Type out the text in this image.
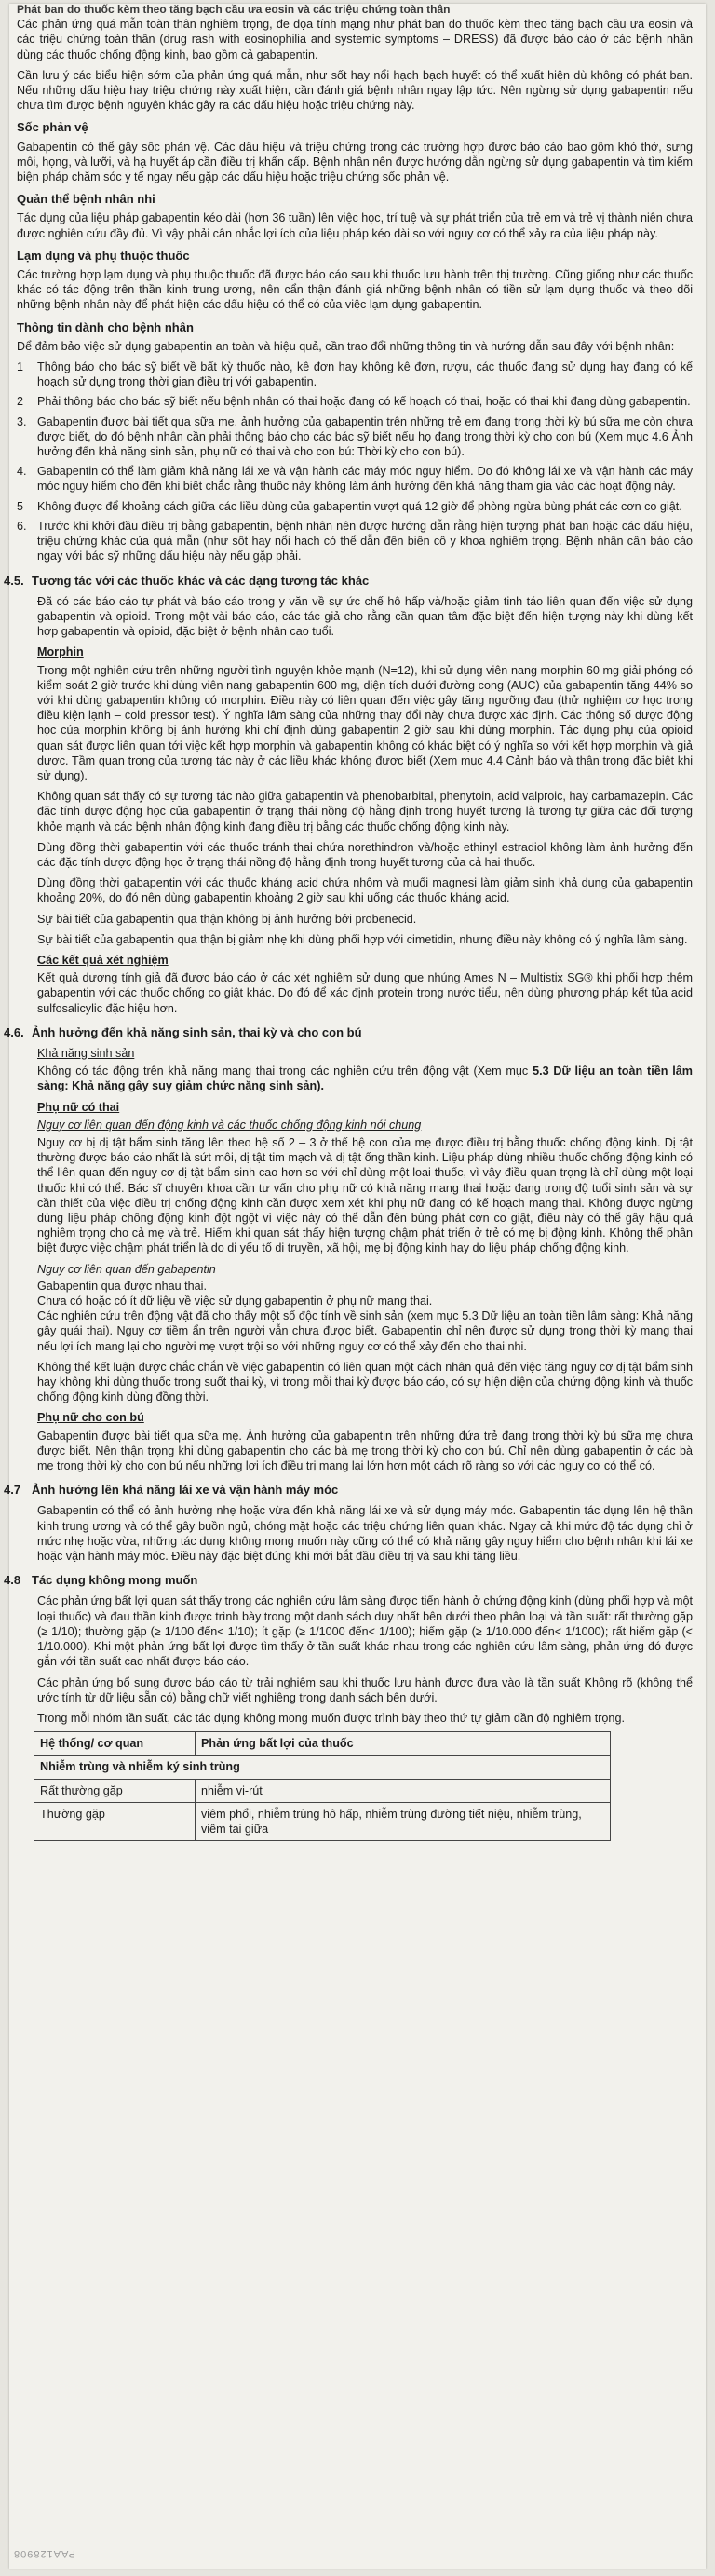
Phát ban do thuốc kèm theo tăng bạch cầu ưa eosin và các triệu chứng toàn thân

Các phản ứng quá mẫn toàn thân nghiêm trọng, đe dọa tính mạng như phát ban do thuốc kèm theo tăng bạch cầu ưa eosin và các triệu chứng toàn thân (drug rash with eosinophilia and systemic symptoms – DRESS) đã được báo cáo ở các bệnh nhân dùng các thuốc chống động kinh, bao gồm cả gabapentin.

Cần lưu ý các biểu hiện sớm của phản ứng quá mẫn, như sốt hay nổi hạch bạch huyết có thể xuất hiện dù không có phát ban. Nếu những dấu hiệu hay triệu chứng này xuất hiện, cần đánh giá bệnh nhân ngay lập tức. Nên ngừng sử dụng gabapentin nếu chưa tìm được bệnh nguyên khác gây ra các dấu hiệu hoặc triệu chứng này.

Sốc phản vệ

Gabapentin có thể gây sốc phản vệ. Các dấu hiệu và triệu chứng trong các trường hợp được báo cáo bao gồm khó thở, sưng môi, họng, và lưỡi, và hạ huyết áp cần điều trị khẩn cấp. Bệnh nhân nên được hướng dẫn ngừng sử dụng gabapentin và tìm kiếm biện pháp chăm sóc y tế ngay nếu gặp các dấu hiệu hoặc triệu chứng sốc phản vệ.

Quản thể bệnh nhân nhi

Tác dụng của liệu pháp gabapentin kéo dài (hơn 36 tuần) lên việc học, trí tuệ và sự phát triển của trẻ em và trẻ vị thành niên chưa được nghiên cứu đầy đủ. Vì vậy phải cân nhắc lợi ích của liệu pháp kéo dài so với nguy cơ có thể xảy ra của liệu pháp này.

Lạm dụng và phụ thuộc thuốc

Các trường hợp lạm dụng và phụ thuộc thuốc đã được báo cáo sau khi thuốc lưu hành trên thị trường. Cũng giống như các thuốc khác có tác động trên thần kinh trung ương, nên cẩn thận đánh giá những bệnh nhân có tiền sử lạm dụng thuốc và theo dõi những bệnh nhân này để phát hiện các dấu hiệu có thể có của việc lạm dụng gabapentin.

Thông tin dành cho bệnh nhân

Để đảm bảo việc sử dụng gabapentin an toàn và hiệu quả, cần trao đổi những thông tin và hướng dẫn sau đây với bệnh nhân:

1	Thông báo cho bác sỹ biết về bất kỳ thuốc nào, kê đơn hay không kê đơn, rượu, các thuốc đang sử dụng hay đang có kế hoạch sử dụng trong thời gian điều trị với gabapentin.
2	Phải thông báo cho bác sỹ biết nếu bệnh nhân có thai hoặc đang có kế hoạch có thai, hoặc có thai khi đang dùng gabapentin.
3. Gabapentin được bài tiết qua sữa mẹ, ảnh hưởng của gabapentin trên những trẻ em đang trong thời kỳ bú sữa mẹ còn chưa được biết, do đó bệnh nhân cần phải thông báo cho các bác sỹ biết nếu họ đang trong thời kỳ cho con bú (Xem mục 4.6 Ảnh hưởng đến khả năng sinh sản, phụ nữ có thai và cho con bú: Thời kỳ cho con bú).
4. Gabapentin có thể làm giảm khả năng lái xe và vận hành các máy móc nguy hiểm. Do đó không lái xe và vận hành các máy móc nguy hiểm cho đến khi biết chắc rằng thuốc này không làm ảnh hưởng đến khả năng tham gia vào các hoạt động này.
5	Không được để khoảng cách giữa các liều dùng của gabapentin vượt quá 12 giờ để phòng ngừa bùng phát các cơn co giật.
6. Trước khi khởi đầu điều trị bằng gabapentin, bệnh nhân nên được hướng dẫn rằng hiện tượng phát ban hoặc các dấu hiệu, triệu chứng khác của quá mẫn (như sốt hay nổi hạch có thể dẫn đến biến cố y khoa nghiêm trọng. Bệnh nhân cần báo cáo ngay với bác sỹ những dấu hiệu này nếu gặp phải.
4.5. Tương tác với các thuốc khác và các dạng tương tác khác

Đã có các báo cáo tự phát và báo cáo trong y văn về sự ức chế hô hấp và/hoặc giảm tinh táo liên quan đến việc sử dụng gabapentin và opioid. Trong một vài báo cáo, các tác giả cho rằng cần quan tâm đặc biệt đến hiện tượng này khi dùng kết hợp gabapentin và opioid, đặc biệt ở bệnh nhân cao tuổi.

Morphin

Trong một nghiên cứu trên những người tình nguyện khỏe mạnh (N=12), khi sử dụng viên nang morphin 60 mg giải phóng có kiểm soát 2 giờ trước khi dùng viên nang gabapentin 600 mg, diện tích dưới đường cong (AUC) của gabapentin tăng 44% so với khi dùng gabapentin không có morphin. Điều này có liên quan đến việc gây tăng ngưỡng đau (thử nghiệm cơ học trong điều kiện lạnh – cold pressor test). Ý nghĩa lâm sàng của những thay đổi này chưa được xác định. Các thông số dược động học của morphin không bị ảnh hưởng khi chỉ định dùng gabapentin 2 giờ sau khi dùng morphin. Tác dụng phụ của opioid quan sát được liên quan tới việc kết hợp morphin và gabapentin không có khác biệt có ý nghĩa so với kết hợp morphin và giả dược. Tầm quan trọng của tương tác này ở các liều khác không được biết (Xem mục 4.4 Cảnh báo và thận trọng đặc biệt khi sử dụng).

Không quan sát thấy có sự tương tác nào giữa gabapentin và phenobarbital, phenytoin, acid valproic, hay carbamazepin. Các đặc tính dược động học của gabapentin ở trạng thái nồng độ hằng định trong huyết tương là tương tự giữa các đối tượng khỏe mạnh và các bệnh nhân động kinh đang điều trị bằng các thuốc chống động kinh này.

Dùng đồng thời gabapentin với các thuốc tránh thai chứa norethindron và/hoặc ethinyl estradiol không làm ảnh hưởng đến các đặc tính dược động học ở trạng thái nồng độ hằng định trong huyết tương của cả hai thuốc.

Dùng đồng thời gabapentin với các thuốc kháng acid chứa nhôm và muối magnesi làm giảm sinh khả dụng của gabapentin khoảng 20%, do đó nên dùng gabapentin khoảng 2 giờ sau khi uống các thuốc kháng acid.

Sự bài tiết của gabapentin qua thận không bị ảnh hưởng bởi probenecid.

Sự bài tiết của gabapentin qua thận bị giảm nhẹ khi dùng phối hợp với cimetidin, nhưng điều này không có ý nghĩa lâm sàng.

Các kết quả xét nghiệm

Kết quả dương tính giả đã được báo cáo ở các xét nghiệm sử dụng que nhúng Ames N – Multistix SG® khi phối hợp thêm gabapentin với các thuốc chống co giật khác. Do đó để xác định protein trong nước tiểu, nên dùng phương pháp kết tủa acid sulfosalicylic đặc hiệu hơn.

4.6. Ảnh hưởng đến khả năng sinh sản, thai kỳ và cho con bú
Khả năng sinh sản

Không có tác động trên khả năng mang thai trong các nghiên cứu trên động vật (Xem mục 5.3 Dữ liệu an toàn tiền lâm sàng: Khả năng gây suy giảm chức năng sinh sản).

Phụ nữ có thai
Nguy cơ liên quan đến động kinh và các thuốc chống động kinh nói chung

Nguy cơ bị dị tật bẩm sinh tăng lên theo hệ số 2 – 3 ở thế hệ con của mẹ được điều trị bằng thuốc chống động kinh. Dị tật thường được báo cáo nhất là sứt môi, dị tật tim mạch và dị tật ống thần kinh. Liệu pháp dùng nhiều thuốc chống động kinh có thể liên quan đến nguy cơ dị tật bẩm sinh cao hơn so với chỉ dùng một loại thuốc, vì vậy điều quan trọng là chỉ dùng một loại thuốc khi có thể. Bác sĩ chuyên khoa cần tư vấn cho phụ nữ có khả năng mang thai hoặc đang trong độ tuổi sinh sản và sự cần thiết của việc điều trị chống động kinh cần được xem xét khi phụ nữ đang có kế hoạch mang thai. Không được ngừng dùng liệu pháp chống động kinh đột ngột vì việc này có thể dẫn đến bùng phát cơn co giật, điều này có thể gây hậu quả nghiêm trọng cho cả mẹ và trẻ. Hiếm khi quan sát thấy hiện tượng chậm phát triển ở trẻ có mẹ bị động kinh. Không thể phân biệt được việc chậm phát triển là do di yếu tố di truyền, xã hội, mẹ bị động kinh hay do liệu pháp chống động kinh.

Nguy cơ liên quan đến gabapentin
Gabapentin qua được nhau thai.
Chưa có hoặc có ít dữ liệu về việc sử dụng gabapentin ở phụ nữ mang thai.

Các nghiên cứu trên động vật đã cho thấy một số độc tính về sinh sản (xem mục 5.3 Dữ liệu an toàn tiền lâm sàng: Khả năng gây quái thai). Nguy cơ tiềm ẩn trên người vẫn chưa được biết. Gabapentin chỉ nên được sử dụng trong thời kỳ mang thai nếu lợi ích mang lại cho người mẹ vượt trội so với những nguy cơ có thể xảy đến cho thai nhi.

Không thể kết luận được chắc chắn về việc gabapentin có liên quan một cách nhân quả đến việc tăng nguy cơ dị tật bẩm sinh hay không khi dùng thuốc trong suốt thai kỳ, vì trong mỗi thai kỳ được báo cáo, có sự hiện diện của chứng động kinh và thuốc chống động kinh dùng đồng thời.

Phụ nữ cho con bú

Gabapentin được bài tiết qua sữa mẹ. Ảnh hưởng của gabapentin trên những đứa trẻ đang trong thời kỳ bú sữa mẹ chưa được biết. Nên thận trọng khi dùng gabapentin cho các bà mẹ trong thời kỳ cho con bú. Chỉ nên dùng gabapentin ở các bà mẹ trong thời kỳ cho con bú nếu những lợi ích điều trị mang lại lớn hơn một cách rõ ràng so với các nguy cơ có thể có.

4.7 Ảnh hưởng lên khả năng lái xe và vận hành máy móc

Gabapentin có thể có ảnh hưởng nhẹ hoặc vừa đến khả năng lái xe và sử dụng máy móc. Gabapentin tác dụng lên hệ thần kinh trung ương và có thể gây buồn ngủ, chóng mặt hoặc các triệu chứng liên quan khác. Ngay cả khi mức độ tác dụng chỉ ở mức nhẹ hoặc vừa, những tác dụng không mong muốn này cũng có thể có khả năng gây nguy hiểm cho bệnh nhân khi lái xe hoặc vận hành máy móc. Điều này đặc biệt đúng khi mới bắt đầu điều trị và sau khi tăng liều.

4.8 Tác dụng không mong muốn

Các phản ứng bất lợi quan sát thấy trong các nghiên cứu lâm sàng được tiến hành ở chứng động kinh (dùng phối hợp và một loại thuốc) và đau thần kinh được trình bày trong một danh sách duy nhất bên dưới theo phân loại và tần suất: rất thường gặp (≥ 1/10); thường gặp (≥ 1/100 đến< 1/10); ít gặp (≥ 1/1000 đến< 1/100); hiếm gặp (≥ 1/10.000 đến< 1/1000); rất hiếm gặp (< 1/10.000). Khi một phản ứng bất lợi được tìm thấy ở tần suất khác nhau trong các nghiên cứu lâm sàng, phản ứng đó được gắn với tần suất cao nhất được báo cáo.

Các phản ứng bổ sung được báo cáo từ trải nghiệm sau khi thuốc lưu hành được đưa vào là tần suất Không rõ (không thể ước tính từ dữ liệu sẵn có) bằng chữ viết nghiêng trong danh sách bên dưới.

Trong mỗi nhóm tần suất, các tác dụng không mong muốn được trình bày theo thứ tự giảm dần độ nghiêm trọng.

Hệ thống/ cơ quan	Phản ứng bất lợi của thuốc
Nhiễm trùng và nhiễm ký sinh trùng	
Rất thường gặp	nhiễm vi-rút
Thường gặp	viêm phổi, nhiễm trùng hô hấp, nhiễm trùng đường tiết niệu, nhiễm trùng, viêm tai giữa
PAA128908
